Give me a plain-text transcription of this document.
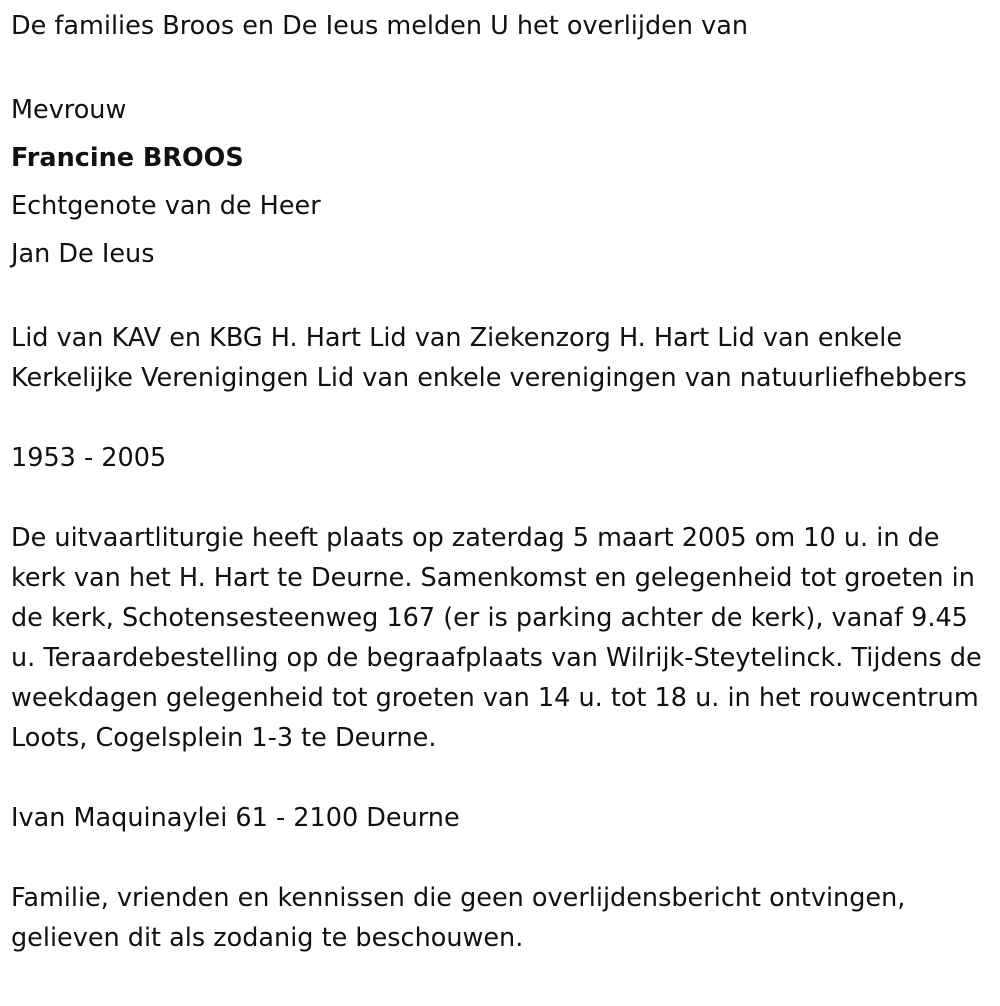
De families Broos en De Ieus melden U het overlijden van

Mevrouw

Francine BROOS

Echtgenote van de Heer

Jan De Ieus

Lid van KAV en KBG H. Hart Lid van Ziekenzorg H. Hart Lid van enkele Kerkelijke Verenigingen Lid van enkele verenigingen van natuurliefhebbers

1953 - 2005

De uitvaartliturgie heeft plaats op zaterdag 5 maart 2005 om 10 u. in de kerk van het H. Hart te Deurne. Samenkomst en gelegenheid tot groeten in de kerk, Schotensesteenweg 167 (er is parking achter de kerk), vanaf 9.45 u. Teraardebestelling op de begraafplaats van Wilrijk-Steytelinck. Tijdens de weekdagen gelegenheid tot groeten van 14 u. tot 18 u. in het rouwcentrum Loots, Cogelsplein 1-3 te Deurne.

Ivan Maquinaylei 61 - 2100 Deurne

Familie, vrienden en kennissen die geen overlijdensbericht ontvingen, gelieven dit als zodanig te beschouwen.
